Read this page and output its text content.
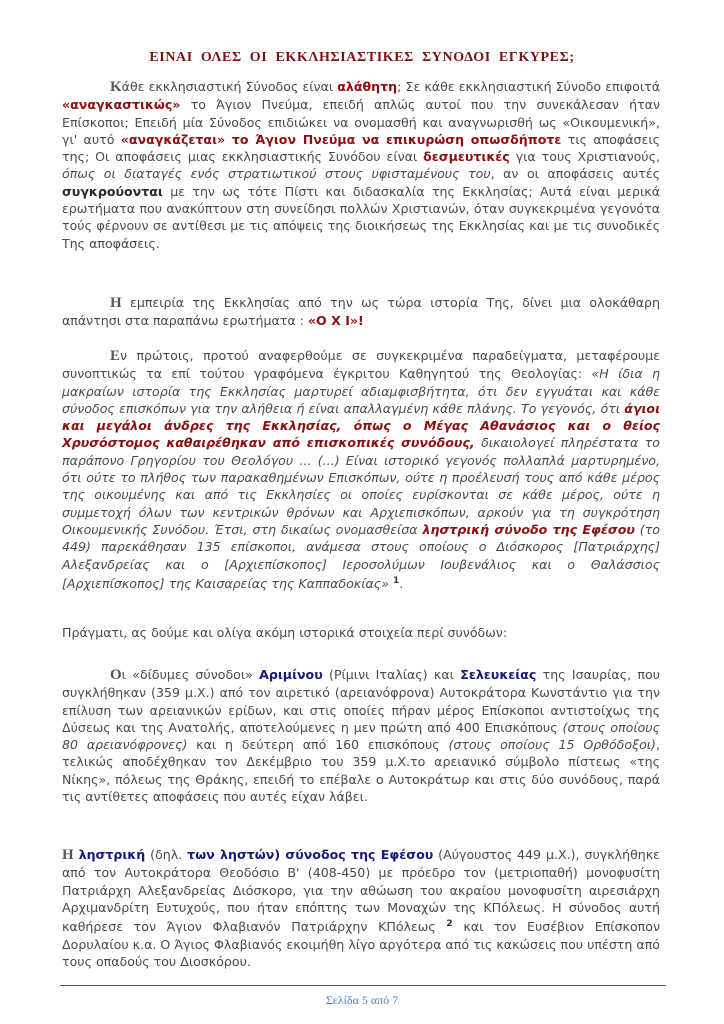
ΕΙΝΑΙ ΟΛΕΣ ΟΙ ΕΚΚΛΗΣΙΑΣΤΙΚΕΣ ΣΥΝΟΔΟΙ ΕΓΚΥΡΕΣ;

Κάθε εκκλησιαστική Σύνοδος είναι αλάθητη; Σε κάθε εκκλησιαστική Σύνοδο επιφοιτά «αναγκαστικώς» το Άγιον Πνεύμα, επειδή απλώς αυτοί που την συνεκάλεσαν ήταν Επίσκοποι; Επειδή μία Σύνοδος επιδιώκει να ονομασθή και αναγνωρισθή ως «Οικουμενική», γι' αυτό «αναγκάζεται» το Άγιον Πνεύμα να επικυρώση οπωσδήποτε τις αποφάσεις της; Οι αποφάσεις μιας εκκλησιαστικής Συνόδου είναι δεσμευτικές για τους Χριστιανούς, όπως οι διαταγές ενός στρατιωτικού στους υφισταμένους του, αν οι αποφάσεις αυτές συγκρούονται με την ως τότε Πίστι και διδασκαλία της Εκκλησίας; Αυτά είναι μερικά ερωτήματα που ανακύπτουν στη συνείδησι πολλών Χριστιανών, όταν συγκεκριμένα γεγονότα τούς φέρνουν σε αντίθεσι με τις απόψεις της διοικήσεως της Εκκλησίας και με τις συνοδικές Της αποφάσεις.

Η εμπειρία της Εκκλησίας από την ως τώρα ιστορία Της, δίνει μια ολοκάθαρη απάντησι στα παραπάνω ερωτήματα : «Ο Χ Ι»!

Εν πρώτοις, προτού αναφερθούμε σε συγκεκριμένα παραδείγματα, μεταφέρουμε συνοπτικώς τα επί τούτου γραφόμενα έγκριτου Καθηγητού της Θεολογίας: «Η ίδια η μακραίων ιστορία της Εκκλησίας μαρτυρεί αδιαμφισβήτητα, ότι δεν εγγυάται και κάθε σύνοδος επισκόπων για την αλήθεια ή είναι απαλλαγμένη κάθε πλάνης. Το γεγονός, ότι άγιοι και μεγάλοι άνδρες της Εκκλησίας, όπως ο Μέγας Αθανάσιος και ο θείος Χρυσόστομος καθαιρέθηκαν από επισκοπικές συνόδους, δικαιολογεί πληρέστατα το παράπονο Γρηγορίου του Θεολόγου ... (...) Είναι ιστορικό γεγονός πολλαπλά μαρτυρημένο, ότι ούτε το πλήθος των παρακαθημένων Επισκόπων, ούτε η προέλευσή τους από κάθε μέρος της οικουμένης και από τις Εκκλησίες οι οποίες ευρίσκονται σε κάθε μέρος, ούτε η συμμετοχή όλων των κεντρικών θρόνων και Αρχιεπισκόπων, αρκούν για τη συγκρότηση Οικουμενικής Συνόδου. Έτσι, στη δικαίως ονομασθείσα ληστρική σύνοδο της Εφέσου (το 449) παρεκάθησαν 135 επίσκοποι, ανάμεσα στους οποίους ο Διόσκορος [Πατριάρχης] Αλεξανδρείας και ο [Αρχιεπίσκοπος] Ιεροσολύμων Ιουβενάλιος και ο Θαλάσσιος [Αρχιεπίσκοπος] της Καισαρείας της Καππαδοκίας» $^1$.

Πράγματι, ας δούμε και ολίγα ακόμη ιστορικά στοιχεία περί συνόδων:

Οι «δίδυμες σύνοδοι» Αριμίνου (Ρίμινι Ιταλίας) και Σελευκείας της Ισαυρίας, που συγκλήθηκαν (359 μ.Χ.) από τον αιρετικό (αρειανόφρονα) Αυτοκράτορα Κωνστάντιο για την επίλυση των αρειανικών ερίδων, και στις οποίες πήραν μέρος Επίσκοποι αντιστοίχως της Δύσεως και της Ανατολής, αποτελούμενες η μεν πρώτη από 400 Επισκόπους (στους οποίους 80 αρειανόφρονες) και η δεύτερη από 160 επισκόπους (στους οποίους 15 Ορθόδοξοι), τελικώς αποδέχθηκαν τον Δεκέμβριο του 359 μ.Χ.το αρειανικό σύμβολο πίστεως «της Νίκης», πόλεως της Θράκης, επειδή το επέβαλε ο Αυτοκράτωρ και στις δύο συνόδους, παρά τις αντίθετες αποφάσεις που αυτές είχαν λάβει.

Η ληστρική (δηλ. των ληστών) σύνοδος της Εφέσου (Αύγουστος 449 μ.Χ.), συγκλήθηκε από τον Αυτοκράτορα Θεοδόσιο Β' (408-450) με πρόεδρο τον (μετριοπαθή) μονοφυσίτη Πατριάρχη Αλεξανδρείας Διόσκορο, για την αθώωση του ακραίου μονοφυσίτη αιρεσιάρχη Αρχιμανδρίτη Ευτυχούς, που ήταν επόπτης των Μοναχών της ΚΠόλεως. Η σύνοδος αυτή καθήρεσε τον Άγιον Φλαβιανόν Πατριάρχην ΚΠόλεως $^2$ και τον Ευσέβιον Επίσκοπον Δορυλαίου κ.α. Ο Άγιος Φλαβιανός εκοιμήθη λίγο αργότερα από τις κακώσεις που υπέστη από τους οπαδούς του Διοσκόρου.

Σελίδα 5 από 7
